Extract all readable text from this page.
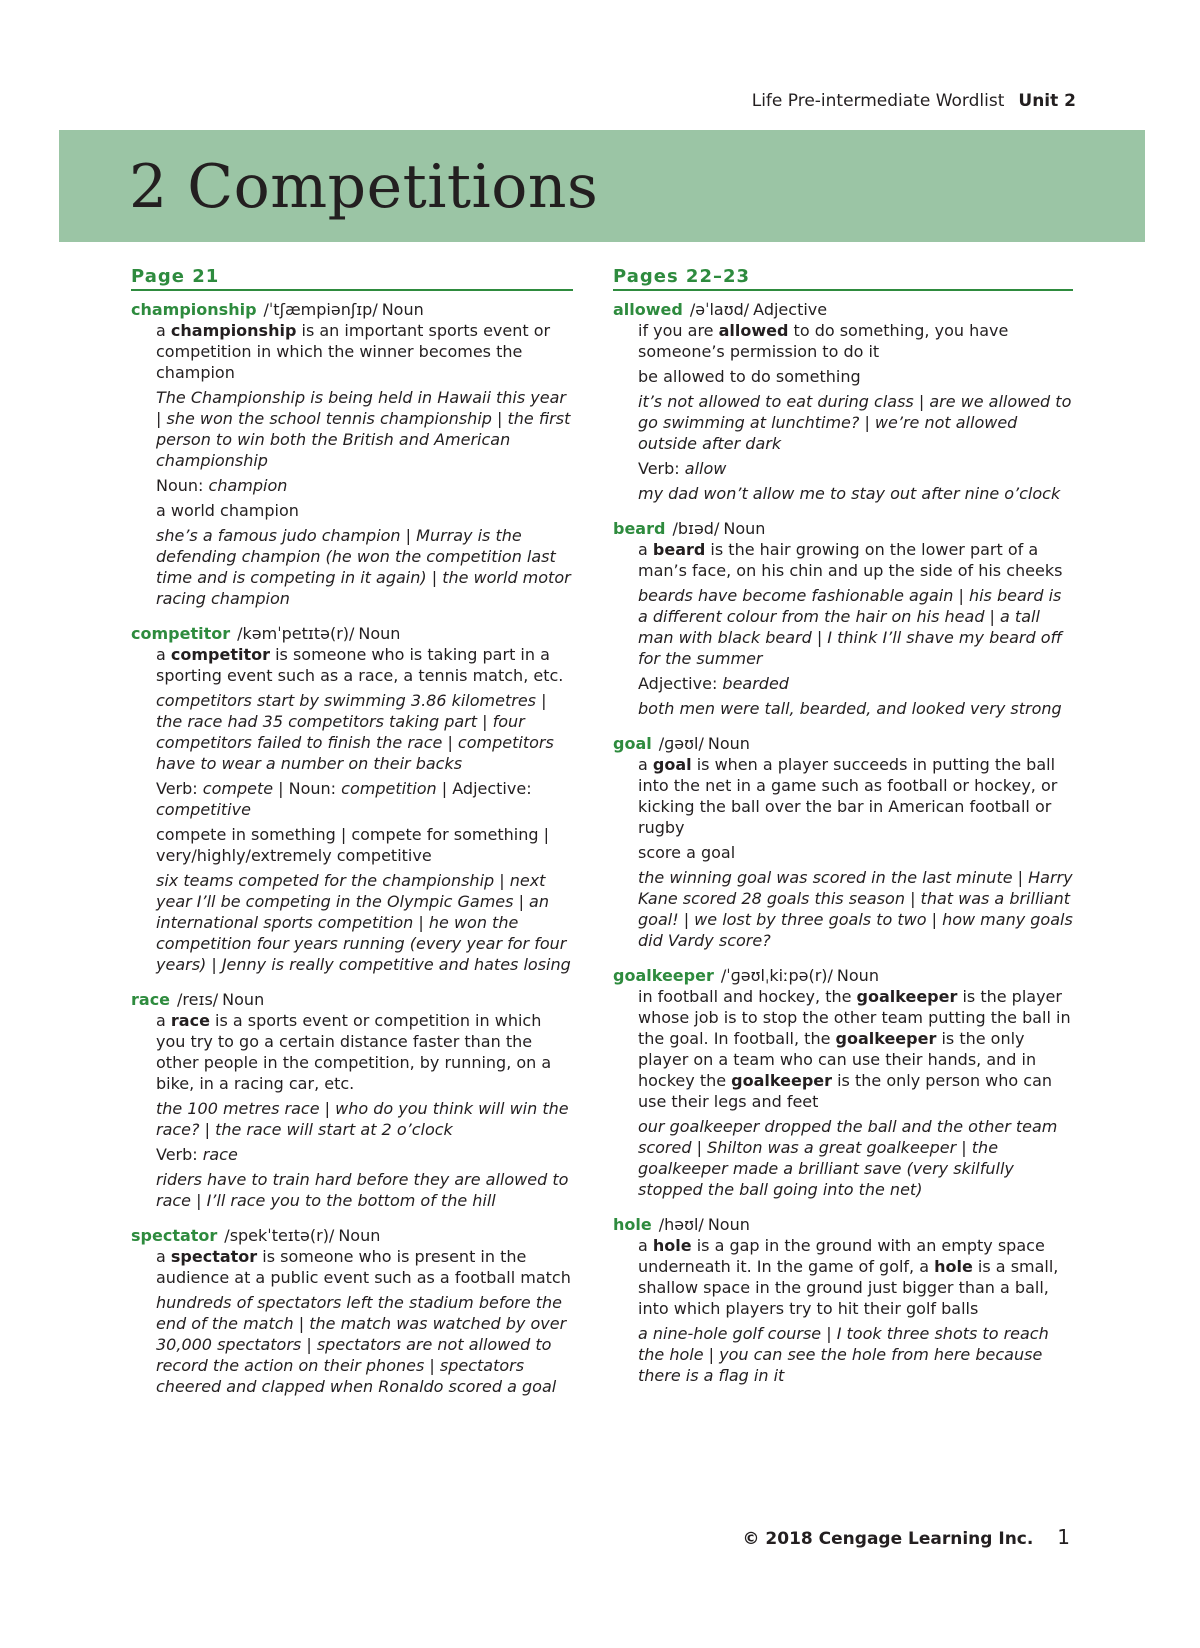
Life Pre-intermediate Wordlist Unit 2
2 Competitions
Page 21
championship /ˈtʃæmpiənʃɪp/ Noun

a championship is an important sports event or competition in which the winner becomes the champion

The Championship is being held in Hawaii this year | she won the school tennis championship | the first person to win both the British and American championship

Noun: champion

a world champion

she’s a famous judo champion | Murray is the defending champion (he won the competition last time and is competing in it again) | the world motor racing champion

competitor /kəmˈpetɪtə(r)/ Noun

a competitor is someone who is taking part in a sporting event such as a race, a tennis match, etc.

competitors start by swimming 3.86 kilometres | the race had 35 competitors taking part | four competitors failed to finish the race | competitors have to wear a number on their backs

Verb: compete | Noun: competition | Adjective: competitive

compete in something | compete for something | very/highly/extremely competitive

six teams competed for the championship | next year I’ll be competing in the Olympic Games | an international sports competition | he won the competition four years running (every year for four years) | Jenny is really competitive and hates losing

race /reɪs/ Noun

a race is a sports event or competition in which you try to go a certain distance faster than the other people in the competition, by running, on a bike, in a racing car, etc.

the 100 metres race | who do you think will win the race? | the race will start at 2 o’clock

Verb: race

riders have to train hard before they are allowed to race | I’ll race you to the bottom of the hill

spectator /spekˈteɪtə(r)/ Noun

a spectator is someone who is present in the audience at a public event such as a football match

hundreds of spectators left the stadium before the end of the match | the match was watched by over 30,000 spectators | spectators are not allowed to record the action on their phones | spectators cheered and clapped when Ronaldo scored a goal

Pages 22–23
allowed /əˈlaʊd/ Adjective

if you are allowed to do something, you have someone’s permission to do it

be allowed to do something

it’s not allowed to eat during class | are we allowed to go swimming at lunchtime? | we’re not allowed outside after dark

Verb: allow

my dad won’t allow me to stay out after nine o’clock

beard /bɪəd/ Noun

a beard is the hair growing on the lower part of a man’s face, on his chin and up the side of his cheeks

beards have become fashionable again | his beard is a different colour from the hair on his head | a tall man with black beard | I think I’ll shave my beard off for the summer

Adjective: bearded

both men were tall, bearded, and looked very strong

goal /ɡəʊl/ Noun

a goal is when a player succeeds in putting the ball into the net in a game such as football or hockey, or kicking the ball over the bar in American football or rugby

score a goal

the winning goal was scored in the last minute | Harry Kane scored 28 goals this season | that was a brilliant goal! | we lost by three goals to two | how many goals did Vardy score?

goalkeeper /ˈɡəʊlˌkiːpə(r)/ Noun

in football and hockey, the goalkeeper is the player whose job is to stop the other team putting the ball in the goal. In football, the goalkeeper is the only player on a team who can use their hands, and in hockey the goalkeeper is the only person who can use their legs and feet

our goalkeeper dropped the ball and the other team scored | Shilton was a great goalkeeper | the goalkeeper made a brilliant save (very skilfully stopped the ball going into the net)

hole /həʊl/ Noun

a hole is a gap in the ground with an empty space underneath it. In the game of golf, a hole is a small, shallow space in the ground just bigger than a ball, into which players try to hit their golf balls

a nine-hole golf course | I took three shots to reach the hole | you can see the hole from here because there is a flag in it

© 2018 Cengage Learning Inc. 1
